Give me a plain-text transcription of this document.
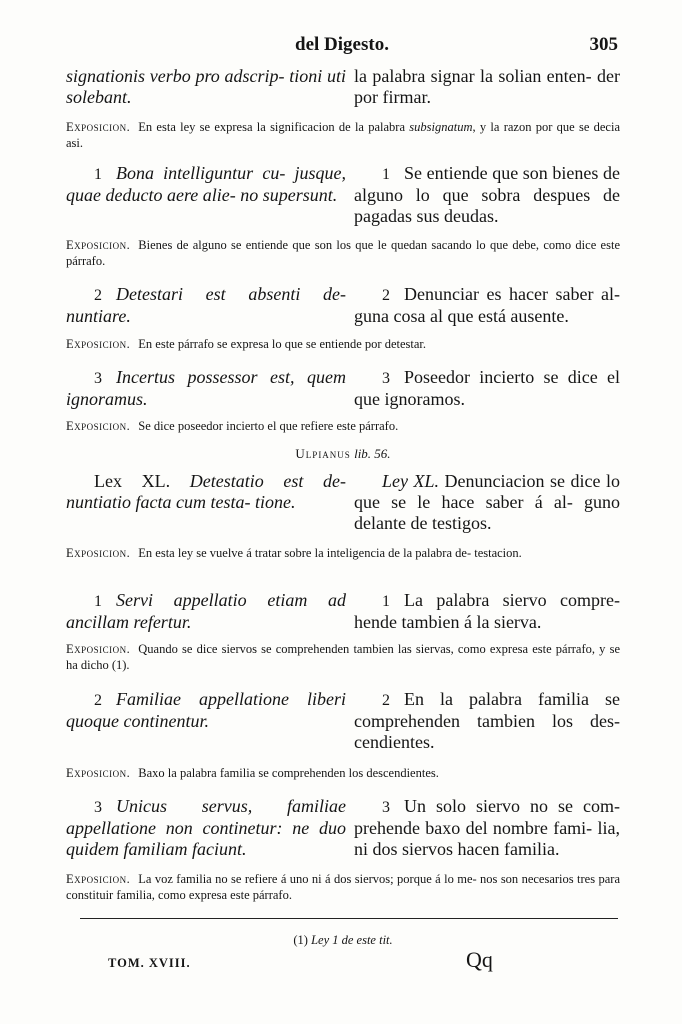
del Digesto.	305
signationis verbo pro adscrip- tioni uti solebant.
la palabra signar la solian enten- der por firmar.
Exposicion. En esta ley se expresa la significacion de la palabra subsignatum, y la razon por que se decia asi.
1 Bona intelliguntur cu- jusque, quae deducto aere alie- no supersunt.
1 Se entiende que son bienes de alguno lo que sobra despues de pagadas sus deudas.
Exposicion. Bienes de alguno se entiende que son los que le quedan sacando lo que debe, como dice este párrafo.
2 Detestari est absenti de- nuntiare.
2 Denunciar es hacer saber al- guna cosa al que está ausente.
Exposicion. En este párrafo se expresa lo que se entiende por detestar.
3 Incertus possessor est, quem ignoramus.
3 Poseedor incierto se dice el que ignoramos.
Exposicion. Se dice poseedor incierto el que refiere este párrafo.
Ulpianus lib. 56.
Lex XL. Detestatio est de- nuntiatio facta cum testa- tione.
Ley XL. Denunciacion se dice lo que se le hace saber á al- guno delante de testigos.
Exposicion. En esta ley se vuelve á tratar sobre la inteligencia de la palabra de- testacion.
1 Servi appellatio etiam ad ancillam refertur.
1 La palabra siervo compre- hende tambien á la sierva.
Exposicion. Quando se dice siervos se comprehenden tambien las siervas, como expresa este párrafo, y se ha dicho (1).
2 Familiae appellatione liberi quoque continentur.
2 En la palabra familia se comprehenden tambien los des- cendientes.
Exposicion. Baxo la palabra familia se comprehenden los descendientes.
3 Unicus servus, familiae appellatione non continetur: ne duo quidem familiam faciunt.
3 Un solo siervo no se com- prehende baxo del nombre fami- lia, ni dos siervos hacen familia.
Exposicion. La voz familia no se refiere á uno ni á dos siervos; porque á lo me- nos son necesarios tres para constituir familia, como expresa este párrafo.
(1) Ley 1 de este tit.
TOM. XVIII.	Qq
